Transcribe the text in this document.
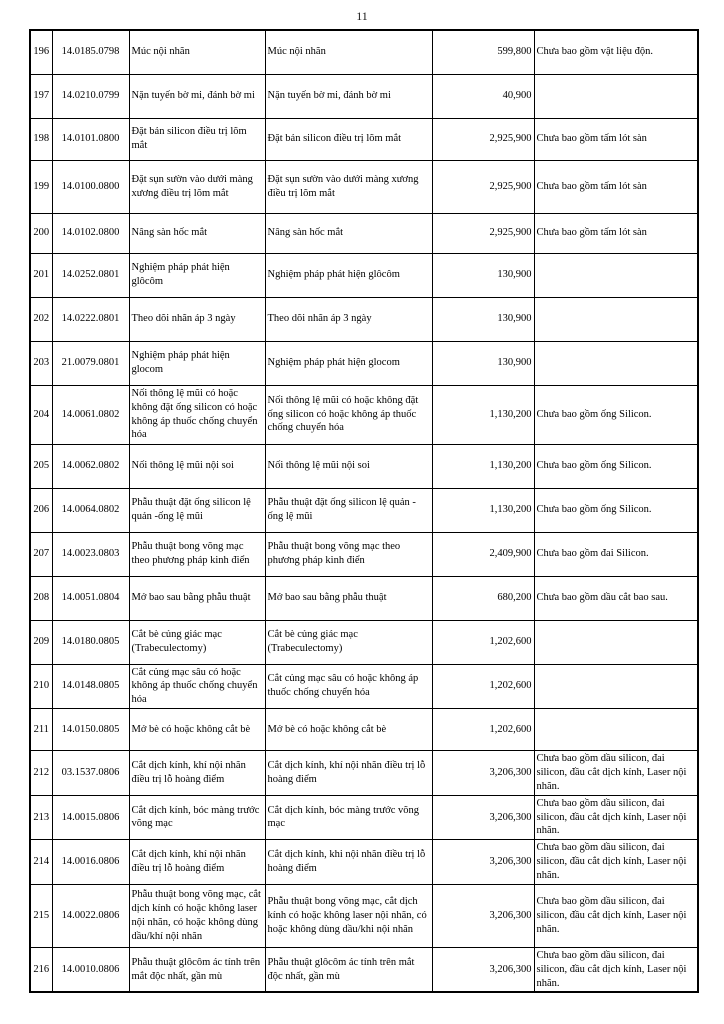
11
196	14.0185.0798	Múc nội nhãn	Múc nội nhãn	599,800	Chưa bao gồm vật liệu độn.
197	14.0210.0799	Nặn tuyến bờ mi, đánh bờ mi	Nặn tuyến bờ mi, đánh bờ mi	40,900	
198	14.0101.0800	Đặt bản silicon điều trị lõm mắt	Đặt bản silicon điều trị lõm mắt	2,925,900	Chưa bao gồm tấm lót sàn
199	14.0100.0800	Đặt sụn sườn vào dưới màng xương điều trị lõm mắt	Đặt sụn sườn vào dưới màng xương điều trị lõm mắt	2,925,900	Chưa bao gồm tấm lót sàn
200	14.0102.0800	Nâng sàn hốc mắt	Nâng sàn hốc mắt	2,925,900	Chưa bao gồm tấm lót sàn
201	14.0252.0801	Nghiệm pháp phát hiện glôcôm	Nghiệm pháp phát hiện glôcôm	130,900	
202	14.0222.0801	Theo dõi nhãn áp 3 ngày	Theo dõi nhãn áp 3 ngày	130,900	
203	21.0079.0801	Nghiệm pháp phát hiện glocom	Nghiệm pháp phát hiện glocom	130,900	
204	14.0061.0802	Nối thông lệ mũi có hoặc không đặt ống silicon có hoặc không áp thuốc chống chuyển hóa	Nối thông lệ mũi có hoặc không đặt ống silicon có hoặc không áp thuốc chống chuyển hóa	1,130,200	Chưa bao gồm ống Silicon.
205	14.0062.0802	Nối thông lệ mũi nội soi	Nối thông lệ mũi nội soi	1,130,200	Chưa bao gồm ống Silicon.
206	14.0064.0802	Phẫu thuật đặt ống silicon lệ quản -ống lệ mũi	Phẫu thuật đặt ống silicon lệ quản - ống lệ mũi	1,130,200	Chưa bao gồm ống Silicon.
207	14.0023.0803	Phẫu thuật bong võng mạc theo phương pháp kinh điển	Phẫu thuật bong võng mạc theo phương pháp kinh điển	2,409,900	Chưa bao gồm đai Silicon.
208	14.0051.0804	Mở bao sau bằng phẫu thuật	Mở bao sau bằng phẫu thuật	680,200	Chưa bao gồm dầu cắt bao sau.
209	14.0180.0805	Cắt bè củng giác mạc (Trabeculectomy)	Cắt bè củng giác mạc (Trabeculectomy)	1,202,600	
210	14.0148.0805	Cắt củng mạc sâu có hoặc không áp thuốc chống chuyển hóa	Cắt củng mạc sâu có hoặc không áp thuốc chống chuyển hóa	1,202,600	
211	14.0150.0805	Mở bè có hoặc không cắt bè	Mở bè có hoặc không cắt bè	1,202,600	
212	03.1537.0806	Cắt dịch kính, khí nội nhãn điều trị lỗ hoàng điểm	Cắt dịch kính, khí nội nhãn điều trị lỗ hoàng điểm	3,206,300	Chưa bao gồm dầu silicon, đai silicon, đầu cắt dịch kính, Laser nội nhãn.
213	14.0015.0806	Cắt dịch kính, bóc màng trước võng mạc	Cắt dịch kính, bóc màng trước võng mạc	3,206,300	Chưa bao gồm dầu silicon, đai silicon, đầu cắt dịch kính, Laser nội nhãn.
214	14.0016.0806	Cắt dịch kính, khí nội nhãn điều trị lỗ hoàng điểm	Cắt dịch kính, khi nội nhãn điều trị lỗ hoàng điểm	3,206,300	Chưa bao gồm dầu silicon, đai silicon, đầu cắt dịch kính, Laser nội nhãn.
215	14.0022.0806	Phẫu thuật bong võng mạc, cắt dịch kính có hoặc không laser nội nhãn, có hoặc không dùng dầu/khí nội nhãn	Phẫu thuật bong võng mạc, cắt dịch kính có hoặc không laser nội nhãn, có hoặc không dùng dầu/khi nội nhãn	3,206,300	Chưa bao gồm dầu silicon, đai silicon, đầu cắt dịch kính, Laser nội nhãn.
216	14.0010.0806	Phẫu thuật glôcôm ác tính trên mắt độc nhất, gần mù	Phẫu thuật glôcôm ác tính trên mắt độc nhất, gần mù	3,206,300	Chưa bao gồm dầu silicon, đai silicon, đầu cắt dịch kính, Laser nội nhãn.
